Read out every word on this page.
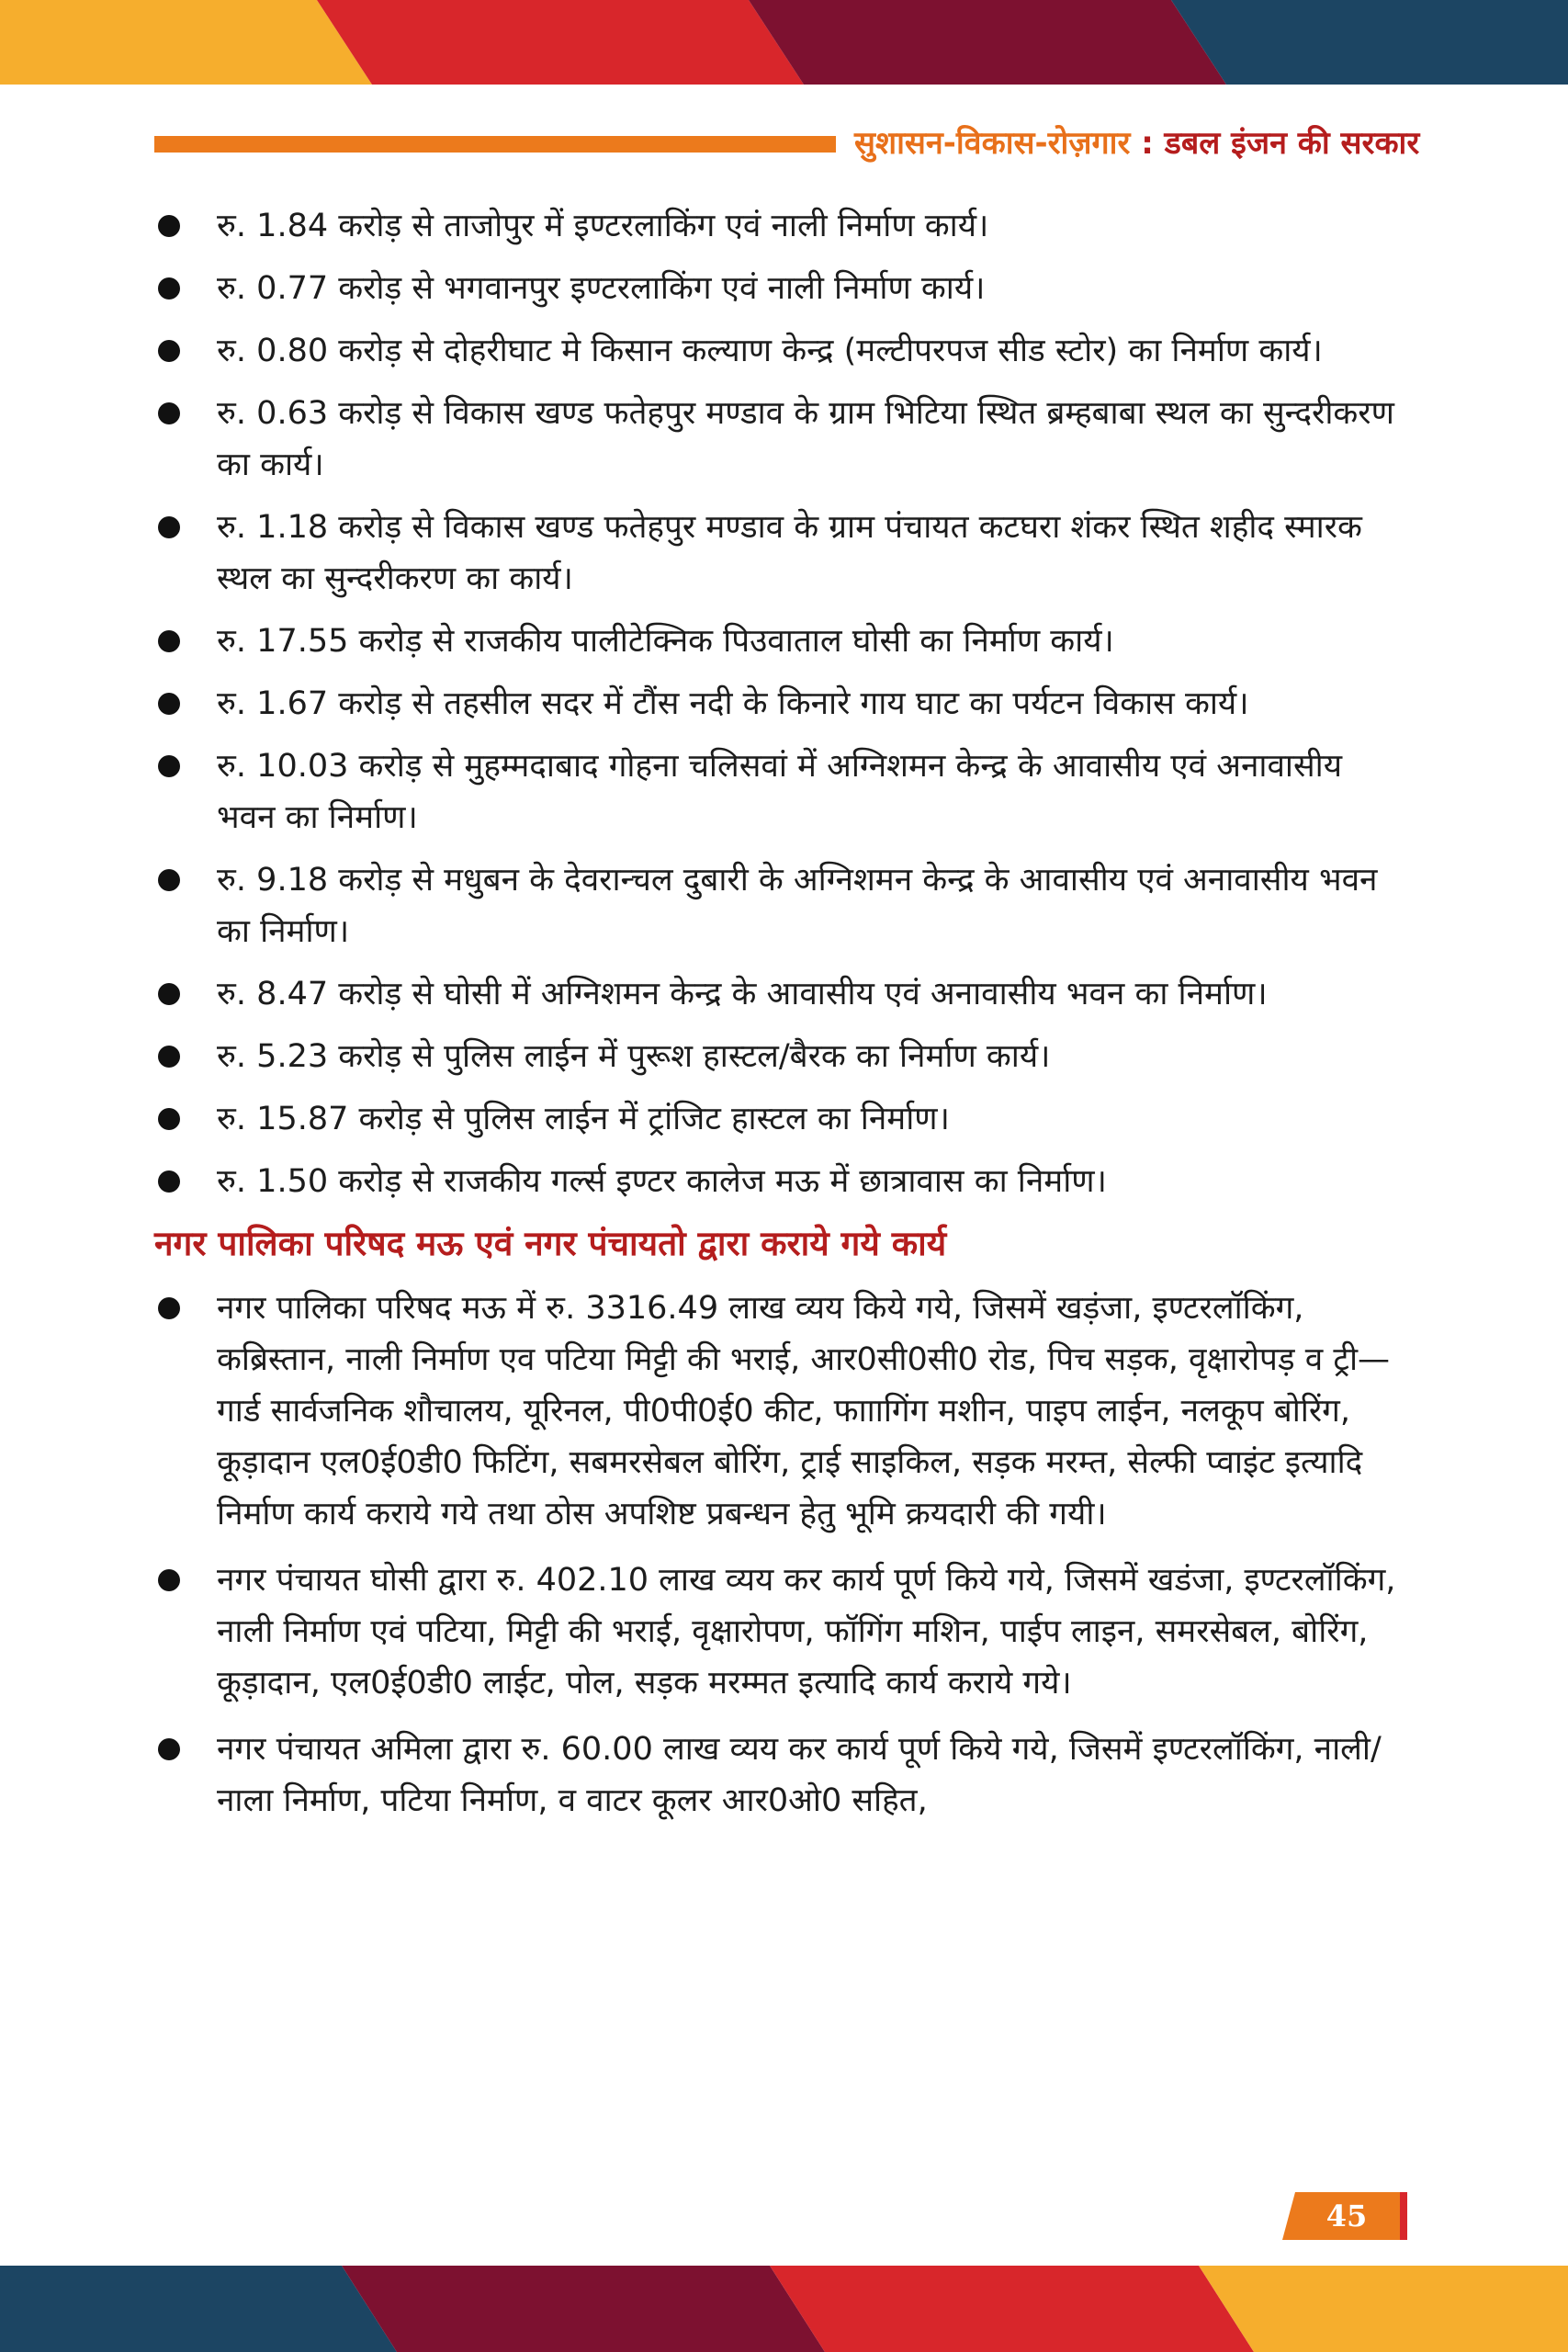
सुशासन-विकास-रोज़गार : डबल इंजन की सरकार
रु. 1.84 करोड़ से ताजोपुर में इण्टरलाकिंग एवं नाली निर्माण कार्य।
रु. 0.77 करोड़ से भगवानपुर इण्टरलाकिंग एवं नाली निर्माण कार्य।
रु. 0.80 करोड़ से दोहरीघाट मे किसान कल्याण केन्द्र (मल्टीपरपज सीड स्टोर) का निर्माण कार्य।
रु. 0.63 करोड़ से विकास खण्ड फतेहपुर मण्डाव के ग्राम भिटिया स्थित ब्रम्हबाबा स्थल का सुन्दरीकरण का कार्य।
रु. 1.18 करोड़ से विकास खण्ड फतेहपुर मण्डाव के ग्राम पंचायत कटघरा शंकर स्थित शहीद स्मारक स्थल का सुन्दरीकरण का कार्य।
रु. 17.55 करोड़ से राजकीय पालीटेक्निक पिउवाताल घोसी का निर्माण कार्य।
रु. 1.67 करोड़ से तहसील सदर में टौंस नदी के किनारे गाय घाट का पर्यटन विकास कार्य।
रु. 10.03 करोड़ से मुहम्मदाबाद गोहना चलिसवां में अग्निशमन केन्द्र के आवासीय एवं अनावासीय भवन का निर्माण।
रु. 9.18 करोड़ से मधुबन के देवरान्चल दुबारी के अग्निशमन केन्द्र के आवासीय एवं अनावासीय भवन का निर्माण।
रु. 8.47 करोड़ से घोसी में अग्निशमन केन्द्र के आवासीय एवं अनावासीय भवन का निर्माण।
रु. 5.23 करोड़ से पुलिस लाईन में पुरूश हास्टल/बैरक का निर्माण कार्य।
रु. 15.87 करोड़ से पुलिस लाईन में ट्रांजिट हास्टल का निर्माण।
रु. 1.50 करोड़ से राजकीय गर्ल्स इण्टर कालेज मऊ में छात्रावास का निर्माण।
नगर पालिका परिषद मऊ एवं नगर पंचायतो द्वारा कराये गये कार्य
नगर पालिका परिषद मऊ में रु. 3316.49 लाख व्यय किये गये, जिसमें खड़ंजा, इण्टरलॉकिंग, कब्रिस्तान, नाली निर्माण एव पटिया मिट्टी की भराई, आर0सी0सी0 रोड, पिच सड़क, वृक्षारोपड़ व ट्री—गार्ड सार्वजनिक शौचालय, यूरिनल, पी0पी0ई0 कीट, फााागिंग मशीन, पाइप लाईन, नलकूप बोरिंग, कूड़ादान एल0ई0डी0 फिटिंग, सबमरसेबल बोरिंग, ट्राई साइकिल, सड़क मरम्त, सेल्फी प्वाइंट इत्यादि निर्माण कार्य कराये गये तथा ठोस अपशिष्ट प्रबन्धन हेतु भूमि क्रयदारी की गयी।
नगर पंचायत घोसी द्वारा रु. 402.10 लाख व्यय कर कार्य पूर्ण किये गये, जिसमें खडंजा, इण्टरलॉकिंग, नाली निर्माण एवं पटिया, मिट्टी की भराई, वृक्षारोपण, फॉगिंग मशिन, पाईप लाइन, समरसेबल, बोरिंग, कूड़ादान, एल0ई0डी0 लाईट, पोल, सड़क मरम्मत इत्यादि कार्य कराये गये।
नगर पंचायत अमिला द्वारा रु. 60.00 लाख व्यय कर कार्य पूर्ण किये गये, जिसमें इण्टरलॉकिंग, नाली/नाला निर्माण, पटिया निर्माण, व वाटर कूलर आर0ओ0 सहित,
45
